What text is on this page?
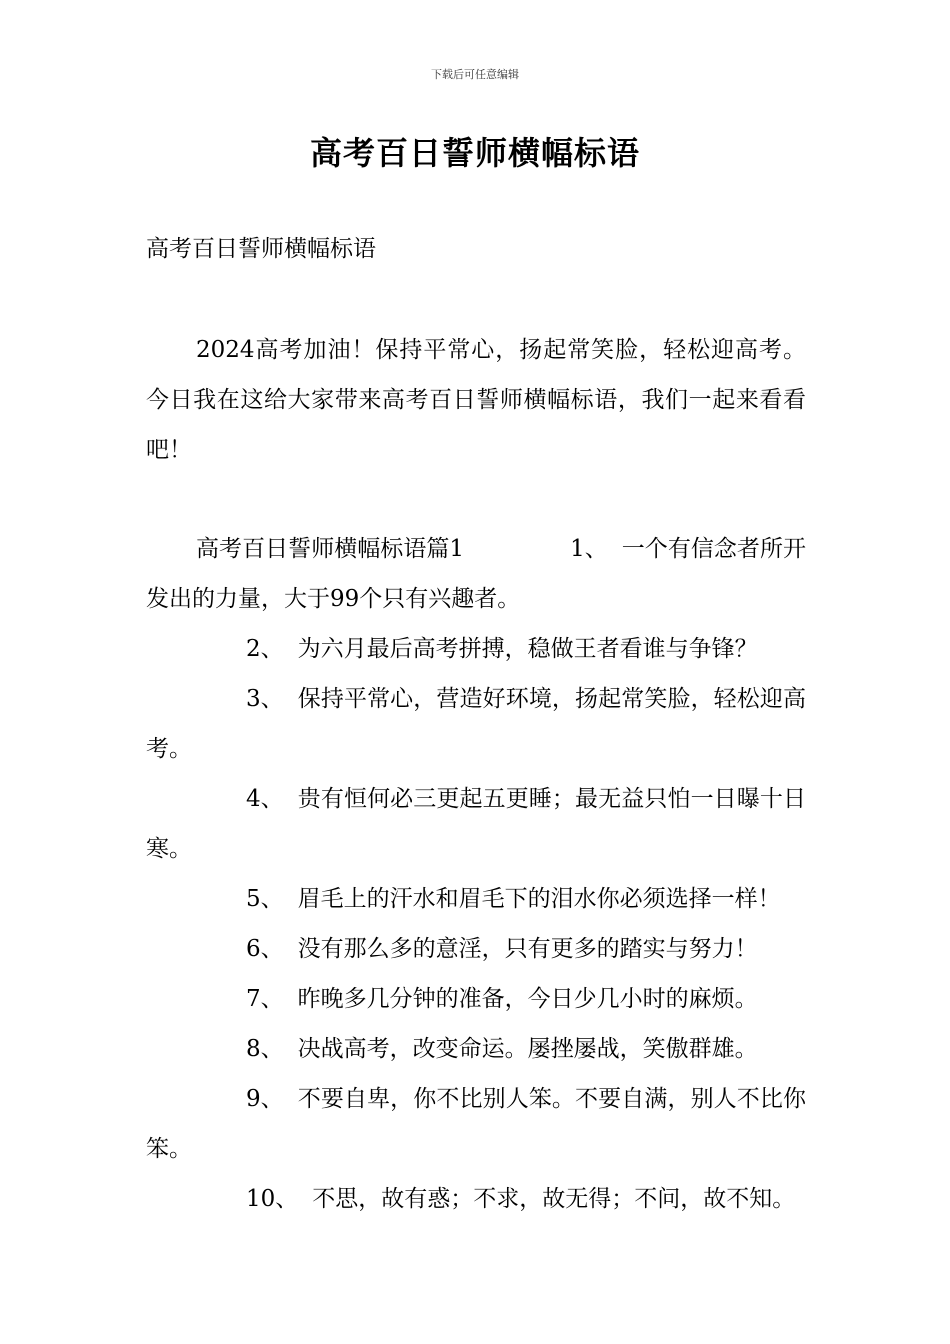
下载后可任意编辑
高考百日誓师横幅标语

高考百日誓师横幅标语

2024高考加油！保持平常心，扬起常笑脸，轻松迎高考。今日我在这给大家带来高考百日誓师横幅标语，我们一起来看看吧！

高考百日誓师横幅标语篇1	1、 一个有信念者所开发出的力量，大于99个只有兴趣者。

2、 为六月最后高考拼搏，稳做王者看谁与争锋？

3、 保持平常心，营造好环境，扬起常笑脸，轻松迎高考。

4、 贵有恒何必三更起五更睡；最无益只怕一日曝十日寒。

5、 眉毛上的汗水和眉毛下的泪水你必须选择一样！

6、 没有那么多的意淫，只有更多的踏实与努力！

7、 昨晚多几分钟的准备，今日少几小时的麻烦。

8、 决战高考，改变命运。屡挫屡战，笑傲群雄。

9、 不要自卑，你不比别人笨。不要自满，别人不比你笨。

10、 不思，故有惑；不求，故无得；不问，故不知。
